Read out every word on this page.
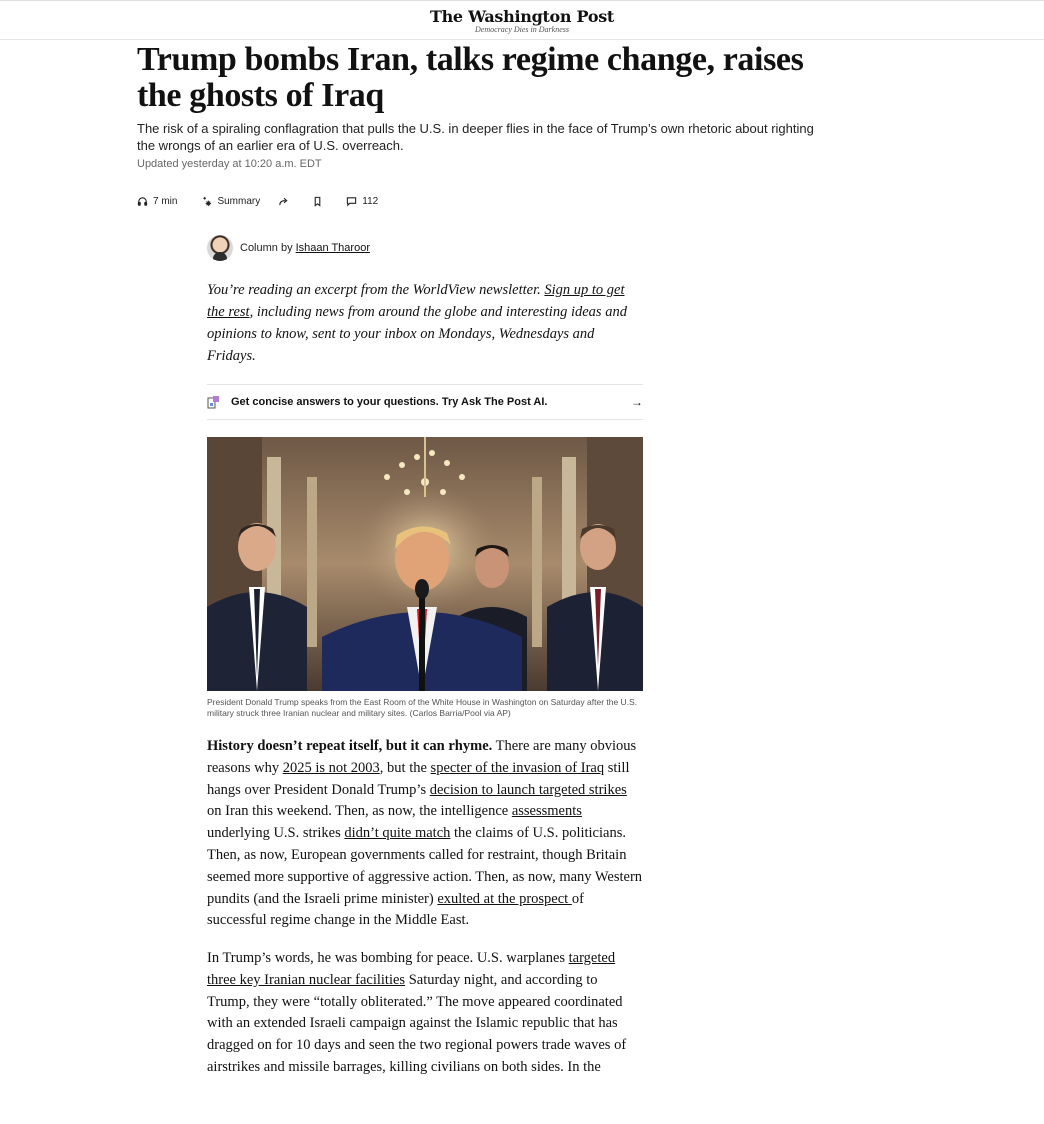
The Washington Post
Democracy Dies in Darkness
Trump bombs Iran, talks regime change, raises the ghosts of Iraq

The risk of a spiraling conflagration that pulls the U.S. in deeper flies in the face of Trump’s own rhetoric about righting the wrongs of an earlier era of U.S. overreach.

Updated yesterday at 10:20 a.m. EDT
7 min	Summary	112
Column by Ishaan Tharoor

You’re reading an excerpt from the WorldView newsletter. Sign up to get the rest, including news from around the globe and interesting ideas and opinions to know, sent to your inbox on Mondays, Wednesdays and Fridays.

Get concise answers to your questions. Try Ask The Post AI.	→

President Donald Trump speaks from the East Room of the White House in Washington on Saturday after the U.S. military struck three Iranian nuclear and military sites. (Carlos Barria/Pool via AP)

History doesn’t repeat itself, but it can rhyme. There are many obvious reasons why 2025 is not 2003, but the specter of the invasion of Iraq still hangs over President Donald Trump’s decision to launch targeted strikes on Iran this weekend. Then, as now, the intelligence assessments underlying U.S. strikes didn’t quite match the claims of U.S. politicians. Then, as now, European governments called for restraint, though Britain seemed more supportive of aggressive action. Then, as now, many Western pundits (and the Israeli prime minister) exulted at the prospect of successful regime change in the Middle East.

In Trump’s words, he was bombing for peace. U.S. warplanes targeted three key Iranian nuclear facilities Saturday night, and according to Trump, they were “totally obliterated.” The move appeared coordinated with an extended Israeli campaign against the Islamic republic that has dragged on for 10 days and seen the two regional powers trade waves of airstrikes and missile barrages, killing civilians on both sides. In the
